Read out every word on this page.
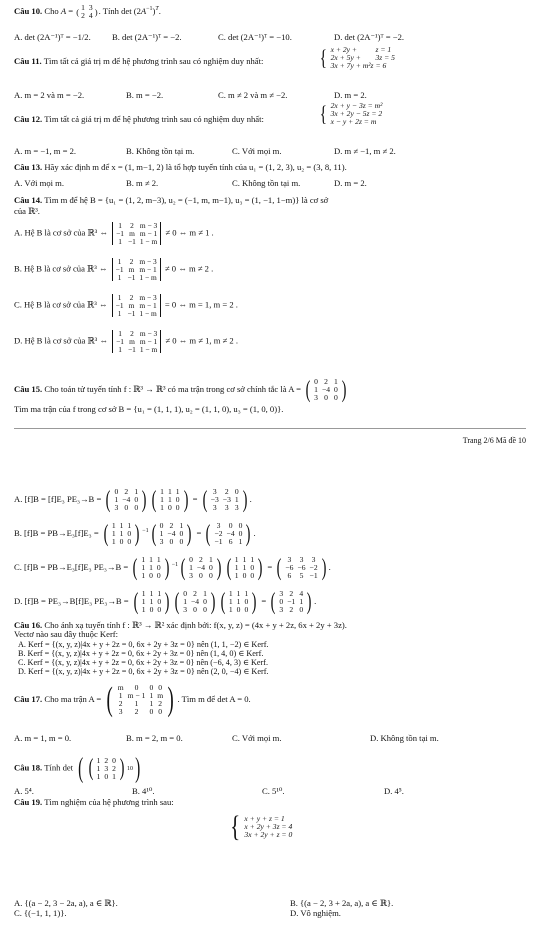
Câu 10. Cho A = ( 1	3
2	4 ) . Tính $\det (2A^{-1})^T$.
A. det (2A⁻¹)ᵀ = −1/2. B. det (2A⁻¹)ᵀ = −2.	C. det (2A⁻¹)ᵀ = −10.	D. det (2A⁻¹)ᵀ = −2.
Câu 11. Tìm tất cả giá trị m để hệ phương trình sau có nghiệm duy nhất:	{ x + 2y +	z = 1
2x + 5y +	3z = 5
3x + 7y + m²z	= 6
A. m = 2 và m = −2.	B. m = −2.	C. m ≠ 2 và m ≠ −2.	D. m = 2.
Câu 12. Tìm tất cả giá trị m để hệ phương trình sau có nghiệm duy nhất:	{ 2x + y − 3z = m²
3x + 2y − 5z = 2
x − y + 2z = m
A. m = −1, m = 2.	B. Không tồn tại m.	C. Với mọi m.	D. m ≠ −1, m ≠ 2.
Câu 13. Hãy xác định m để x = (1, m−1, 2) là tổ hợp tuyến tính của u₁ = (1, 2, 3), u₂ = (3, 8, 11).
A. Với mọi m.	B. m ≠ 2.	C. Không tồn tại m.	D. m = 2.
Câu 14. Tìm m để hệ B = {u₁ = (1, 2, m−3), u₂ = (−1, m, m−1), u₃ = (1, −1, 1−m)} là cơ sở
của ℝ³.
A. Hệ B là cơ sở của ℝ³ ⇔
1	2	m − 3
−1	m	m − 1
1	−1	1 − m
≠ 0 ⇔ m ≠ 1 .
B. Hệ B là cơ sở của ℝ³ ⇔
1	2	m − 3
−1	m	m − 1
1	−1	1 − m
≠ 0 ⇔ m ≠ 2 .
C. Hệ B là cơ sở của ℝ³ ⇔
1	2	m − 3
−1	m	m − 1
1	−1	1 − m
= 0 ⇔ m = 1, m = 2 .
D. Hệ B là cơ sở của ℝ³ ⇔
1	2	m − 3
−1	m	m − 1
1	−1	1 − m
≠ 0 ⇔ m ≠ 1, m ≠ 2 .
Câu 15. Cho toán tử tuyến tính f : ℝ³ → ℝ³ có ma trận trong cơ sở chính tắc là A = ( 0	2	1
1	−4	0
3	0	0 )
Tìm ma trận của f trong cơ sở B = {u₁ = (1, 1, 1), u₂ = (1, 1, 0), u₃ = (1, 0, 0)}.
Trang 2/6 Mã đề 10
A. [f]B = [f]E₃ PE₃→B = ( 0	2	1
1	−4	0
3	0	0 ) ( 1	1	1
1	1	0
1	0	0 ) = ( 3	2	0
−3	−3	1
3	3	3 ) .
B. [f]B = PB→E₃[f]E₃ = ( 1	1	1
1	1	0
1	0	0 ) $^{-1}$ ( 0	2	1
1	−4	0
3	0	0 ) = ( 3	0	0
−2	−4	0
−1	6	1 ) .
C. [f]B = PB→E₃[f]E₃ PE₃→B = ( 1	1	1
1	1	0
1	0	0 ) $^{-1}$ ( 0	2	1
1	−4	0
3	0	0 ) ( 1	1	1
1	1	0
1	0	0 ) = ( 3	3	3
−6	−6	−2
6	5	−1 ) .
D. [f]B = PE₃→B[f]E₃ PE₃→B = ( 1	1	1
1	1	0
1	0	0 ) ( 0	2	1
1	−4	0
3	0	0 ) ( 1	1	1
1	1	0
1	0	0 ) = ( 3	2	4
0	−1	1
3	2	0 ) .
Câu 16. Cho ánh xạ tuyến tính f : ℝ³ → ℝ² xác định bởi: f(x, y, z) = (4x + y + 2z, 6x + 2y + 3z).
Vectơ nào sau đây thuộc Kerf:
A. Kerf = {(x, y, z)|4x + y + 2z = 0, 6x + 2y + 3z = 0} nên (1, 1, −2) ∈ Kerf.
B. Kerf = {(x, y, z)|4x + y + 2z = 0, 6x + 2y + 3z = 0} nên (1, 4, 0) ∈ Kerf.
C. Kerf = {(x, y, z)|4x + y + 2z = 0, 6x + 2y + 3z = 0} nên (−6, 4, 3) ∈ Kerf.
D. Kerf = {(x, y, z)|4x + y + 2z = 0, 6x + 2y + 3z = 0} nên (2, 0, −4) ∈ Kerf.
Câu 17. Cho ma trận A = ( m	0	0	0
1	m − 1	1	m
2	1	1	2
3	2	0	0 ) . Tìm m để det A = 0.
A. m = 1, m = 0.	B. m = 2, m = 0.	C. Với mọi m.	D. Không tồn tại m.
Câu 18. Tính det ( ( 1	2	0
1	3	2
1	0	1 ) 10 )
A. 5⁴.	B. 4¹⁰.	C. 5¹⁰.	D. 4⁵.
Câu 19. Tìm nghiệm của hệ phương trình sau:
{ x + y + z = 1
x + 2y + 3z = 4
3x + 2y + z = 0
A. {(a − 2, 3 − 2a, a), a ∈ ℝ}.	B. {(a − 2, 3 + 2a, a), a ∈ ℝ}.
C. {(−1, 1, 1)}.	D. Vô nghiệm.
